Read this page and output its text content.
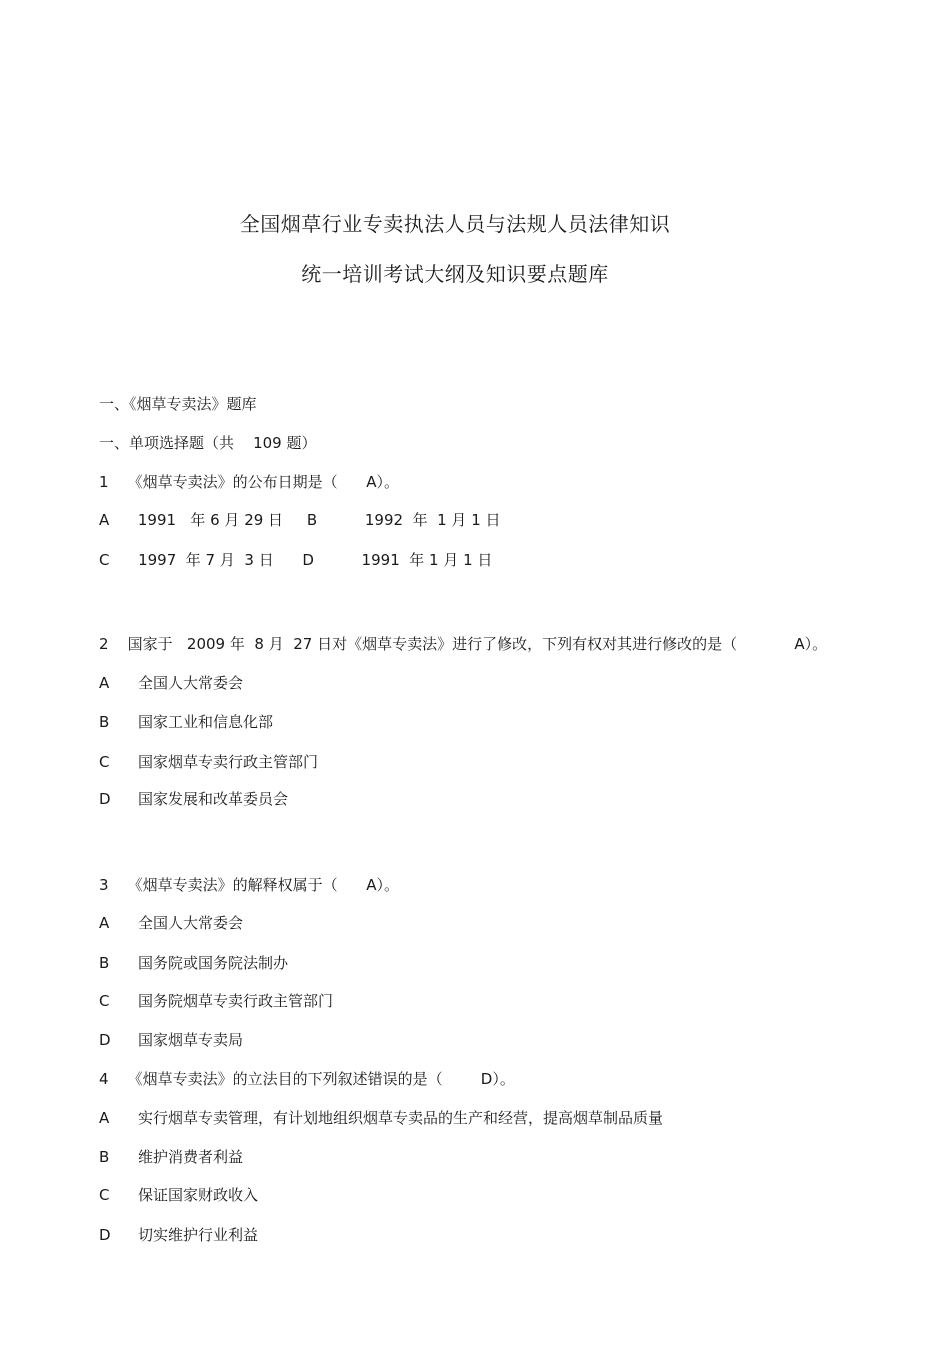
全国烟草行业专卖执法人员与法规人员法律知识
统一培训考试大纲及知识要点题库
一、《烟草专卖法》题库
一、单项选择题（共    109 题）
1    《烟草专卖法》的公布日期是（      A）。
A      1991   年 6 月 29 日     B          1992  年  1 月 1 日
C      1997  年 7 月  3 日      D          1991  年 1 月 1 日
2    国家于   2009 年  8 月  27 日对《烟草专卖法》进行了修改，下列有权对其进行修改的是（            A）。
A 全国人大常委会
B 国家工业和信息化部
C 国家烟草专卖行政主管部门
D 国家发展和改革委员会
3    《烟草专卖法》的解释权属于（      A）。
A 全国人大常委会
B 国务院或国务院法制办
C 国务院烟草专卖行政主管部门
D 国家烟草专卖局
4    《烟草专卖法》的立法目的下列叙述错误的是（        D）。
A 实行烟草专卖管理，有计划地组织烟草专卖品的生产和经营，提高烟草制品质量
B 维护消费者利益
C 保证国家财政收入
D 切实维护行业利益
